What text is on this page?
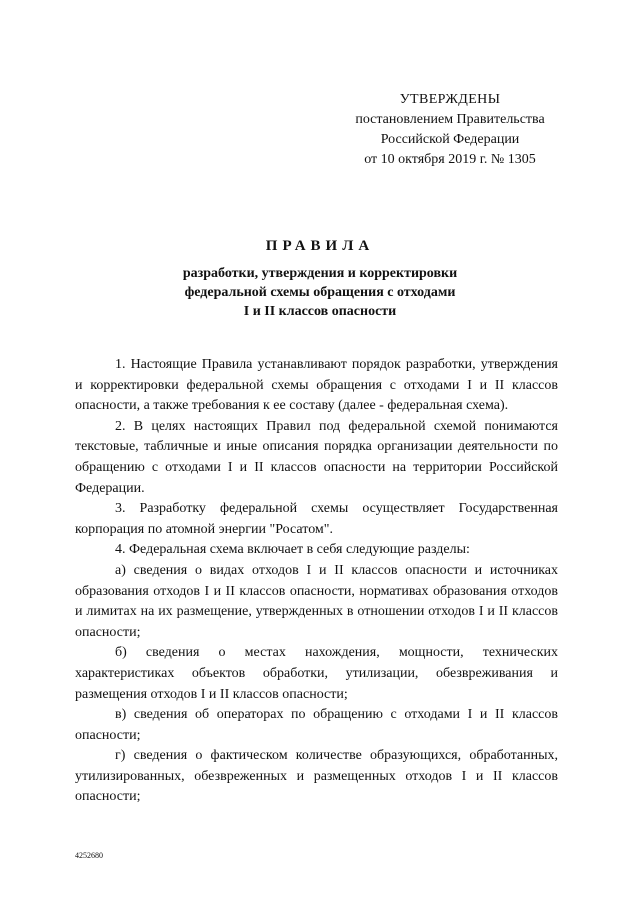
УТВЕРЖДЕНЫ
постановлением Правительства
Российской Федерации
от 10 октября 2019 г. № 1305
ПРАВИЛА
разработки, утверждения и корректировки
федеральной схемы обращения с отходами
I и II классов опасности

1. Настоящие Правила устанавливают порядок разработки, утверждения и корректировки федеральной схемы обращения с отходами I и II классов опасности, а также требования к ее составу (далее - федеральная схема).

2. В целях настоящих Правил под федеральной схемой понимаются текстовые, табличные и иные описания порядка организации деятельности по обращению с отходами I и II классов опасности на территории Российской Федерации.

3. Разработку федеральной схемы осуществляет Государственная корпорация по атомной энергии "Росатом".

4. Федеральная схема включает в себя следующие разделы:

а) сведения о видах отходов I и II классов опасности и источниках образования отходов I и II классов опасности, нормативах образования отходов и лимитах на их размещение, утвержденных в отношении отходов I и II классов опасности;

б) сведения о местах нахождения, мощности, технических характеристиках объектов обработки, утилизации, обезвреживания и размещения отходов I и II классов опасности;

в) сведения об операторах по обращению с отходами I и II классов опасности;

г) сведения о фактическом количестве образующихся, обработанных, утилизированных, обезвреженных и размещенных отходов I и II классов опасности;

4252680
